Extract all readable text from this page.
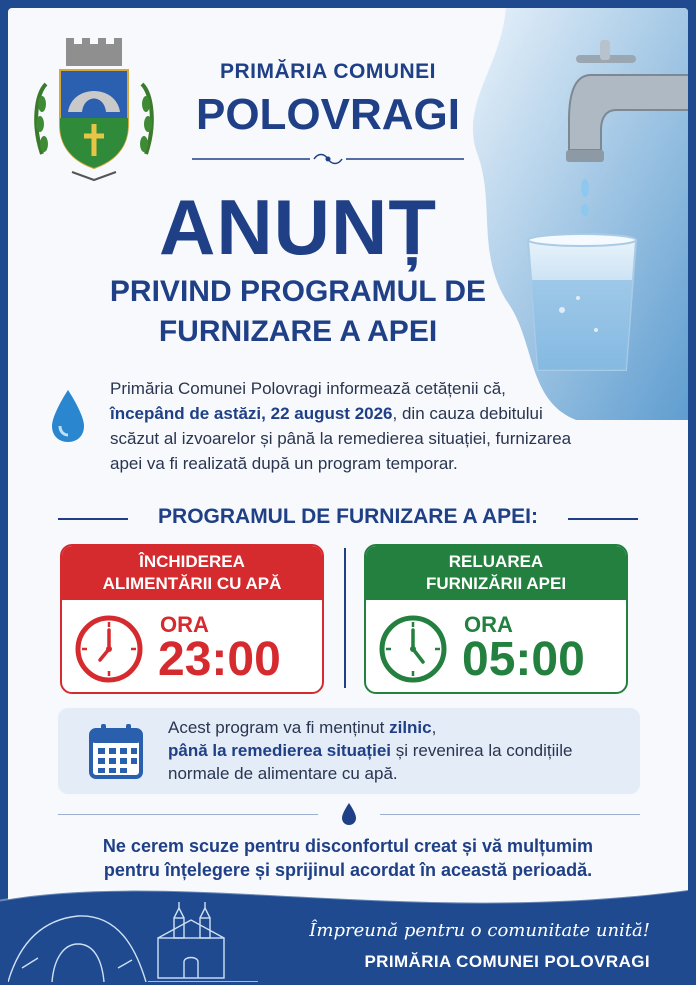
PRIMĂRIA COMUNEI
POLOVRAGI
ANUNȚ
PRIVIND PROGRAMUL DE
FURNIZARE A APEI
Primăria Comunei Polovragi informează cetățenii că, începând de astăzi, 22 august 2026, din cauza debitului scăzut al izvoarelor și până la remedierea situației, furnizarea apei va fi realizată după un program temporar.
PROGRAMUL DE FURNIZARE A APEI:
ÎNCHIDEREA
ALIMENTĂRII CU APĂ
ORA
23:00
RELUAREA
FURNIZĂRII APEI
ORA
05:00
Acest program va fi menținut zilnic,
până la remedierea situației și revenirea la condițiile
normale de alimentare cu apă.
Ne cerem scuze pentru disconfortul creat și vă mulțumim
pentru înțelegere și sprijinul acordat în această perioadă.
Împreună pentru o comunitate unită!
PRIMĂRIA COMUNEI POLOVRAGI
